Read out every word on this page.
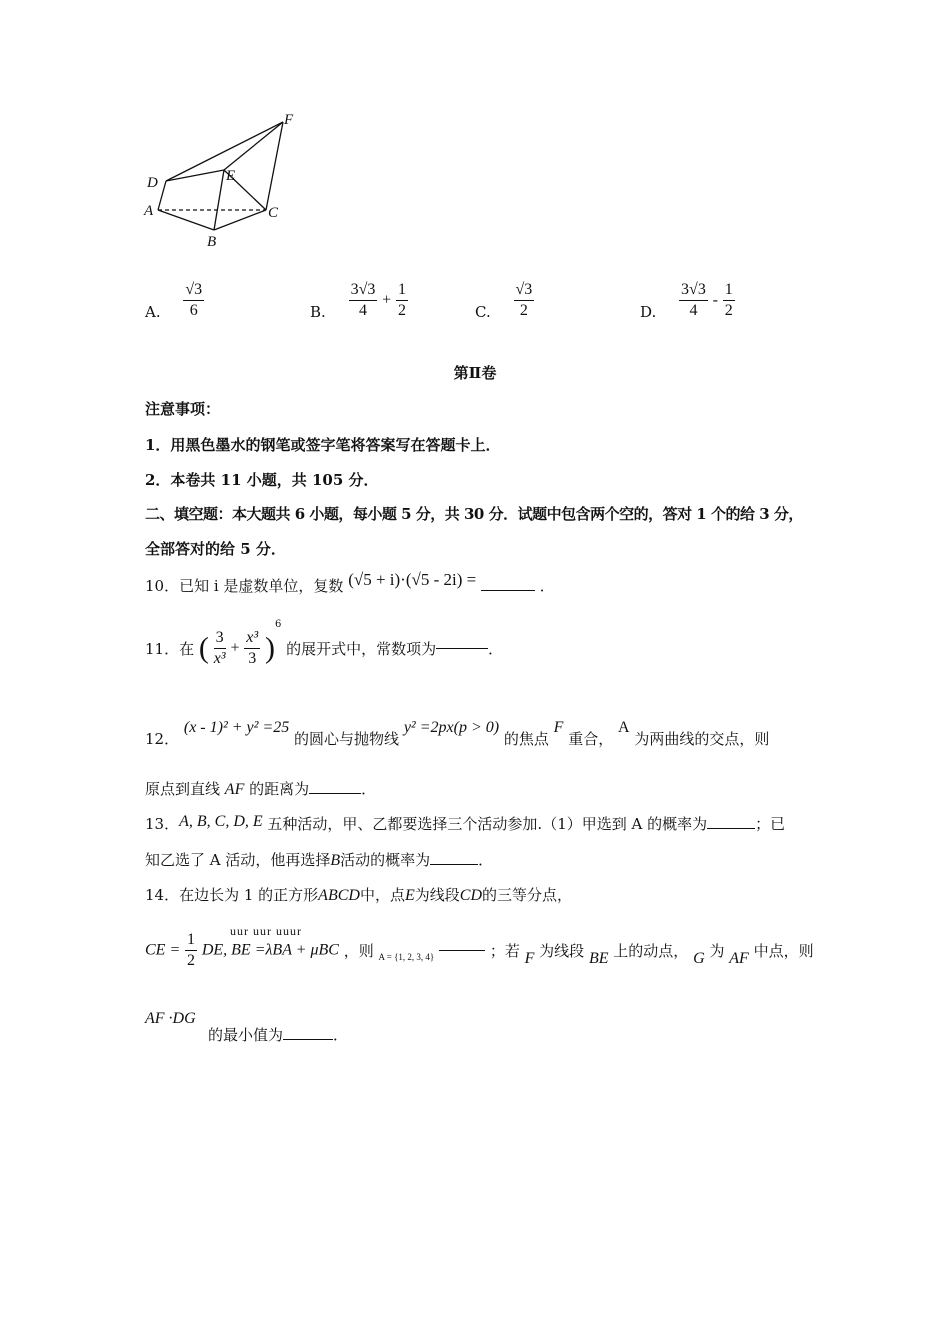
F
D	E
A	C
B
A. $\frac{√3}{6}$	B. $\frac{3√3}{4} + \frac{1}{2}$	C. $\frac{√3}{2}$	D. $\frac{3√3}{4} - \frac{1}{2}$
第Ⅱ卷
注意事项：
1．用黑色墨水的钢笔或签字笔将答案写在答题卡上．
2．本卷共 11 小题，共 105 分．
二、填空题：本大题共 6 小题，每小题 5 分，共 30 分．试题中包含两个空的，答对 1 个的给 3 分，
全部答对的给 5 分．
10．已知 i 是虚数单位，复数 (√5 + i)·(√5 - 2i) =	．
11．在 ( $\frac{3}{\text{x³}} + \frac{\text{x³}}{3} )^6$ 的展开式中，常数项为	．
12． (x - 1)² + y² =25 的圆心与抛物线 y² =2px(p > 0) 的焦点 F 重合， A 为两曲线的交点，则
原点到直线 AF 的距离为	．
13．A, B, C, D, E 五种活动，甲、乙都要选择三个活动参加.（1）甲选到 A 的概率为	；已
知乙选了 A 活动，他再选择B活动的概率为	．
14．在边长为 1 的正方形ABCD中，点E为线段CD的三等分点，
uur uur uuur
CE = $\frac{1}{2}$ DE, BE =λBA + μBC ，则 $_{A = \{1, 2, 3, 4\}}$	；若 F 为线段 BE 上的动点， G 为 AF 中点，则
AF ·DG
的最小值为	．
